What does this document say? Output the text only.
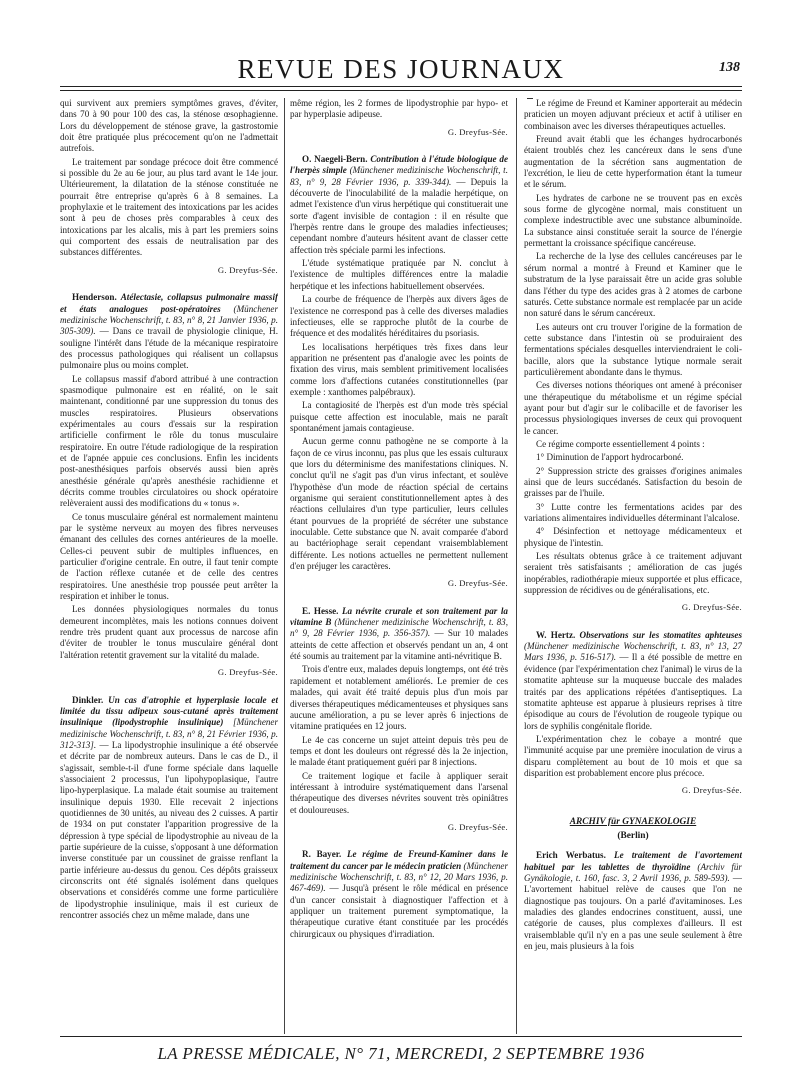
REVUE DES JOURNAUX	138

qui survivent aux premiers symptômes graves, d'éviter, dans 70 à 90 pour 100 des cas, la sténose œsophagienne. Lors du développement de sténose grave, la gastrostomie doit être pratiquée plus précocement qu'on ne l'admettait autrefois.

Le traitement par sondage précoce doit être commencé si possible du 2e au 6e jour, au plus tard avant le 14e jour. Ultérieurement, la dilatation de la sténose constituée ne pourrait être entreprise qu'après 6 à 8 semaines. La prophylaxie et le traitement des intoxications par les acides sont à peu de choses près comparables à ceux des intoxications par les alcalis, mis à part les premiers soins qui comportent des essais de neutralisation par des substances différentes.

G. Dreyfus-Sée.

Henderson. Atélectasie, collapsus pulmonaire massif et états analogues post-opératoires (Münchener medizinische Wochenschrift, t. 83, n° 8, 21 Janvier 1936, p. 305-309). — Dans ce travail de physiologie clinique, H. souligne l'intérêt dans l'étude de la mécanique respiratoire des processus pathologiques qui réalisent un collapsus pulmonaire plus ou moins complet.

Le collapsus massif d'abord attribué à une contraction spasmodique pulmonaire est en réalité, on le sait maintenant, conditionné par une suppression du tonus des muscles respiratoires. Plusieurs observations expérimentales au cours d'essais sur la respiration artificielle confirment le rôle du tonus musculaire respiratoire. En outre l'étude radiologique de la respiration et de l'apnée appuie ces conclusions. Enfin les incidents post-anesthésiques parfois observés aussi bien après anesthésie générale qu'après anesthésie rachidienne et décrits comme troubles circulatoires ou shock opératoire relèveraient aussi des modifications du « tonus ».

Ce tonus musculaire général est normalement maintenu par le système nerveux au moyen des fibres nerveuses émanant des cellules des cornes antérieures de la moelle. Celles-ci peuvent subir de multiples influences, en particulier d'origine centrale. En outre, il faut tenir compte de l'action réflexe cutanée et de celle des centres respiratoires. Une anesthésie trop poussée peut arrêter la respiration et inhiber le tonus.

Les données physiologiques normales du tonus demeurent incomplètes, mais les notions connues doivent rendre très prudent quant aux processus de narcose afin d'éviter de troubler le tonus musculaire général dont l'altération retentit gravement sur la vitalité du malade.

G. Dreyfus-Sée.

Dinkler. Un cas d'atrophie et hyperplasie locale et limitée du tissu adipeux sous-cutané après traitement insulinique (lipodystrophie insulinique) [Münchener medizinische Wochenschrift, t. 83, n° 8, 21 Février 1936, p. 312-313]. — La lipodystrophie insulinique a été observée et décrite par de nombreux auteurs. Dans le cas de D., il s'agissait, semble-t-il d'une forme spéciale dans laquelle s'associaient 2 processus, l'un lipohypoplasique, l'autre lipo-hyperplasique. La malade était soumise au traitement insulinique depuis 1930. Elle recevait 2 injections quotidiennes de 30 unités, au niveau des 2 cuisses. A partir de 1934 on put constater l'apparition progressive de la dépression à type spécial de lipodystrophie au niveau de la partie supérieure de la cuisse, s'opposant à une déformation inverse constituée par un coussinet de graisse renflant la partie inférieure au-dessus du genou. Ces dépôts graisseux circonscrits ont été signalés isolément dans quelques observations et considérés comme une forme particulière de lipodystrophie insulinique, mais il est curieux de rencontrer associés chez un même malade, dans une

même région, les 2 formes de lipodystrophie par hypo- et par hyperplasie adipeuse.

G. Dreyfus-Sée.

O. Naegeli-Bern. Contribution à l'étude biologique de l'herpès simple (Münchener medizinische Wochenschrift, t. 83, n° 9, 28 Février 1936, p. 339-344). — Depuis la découverte de l'inoculabilité de la maladie herpétique, on admet l'existence d'un virus herpétique qui constituerait une sorte d'agent invisible de contagion : il en résulte que l'herpès rentre dans le groupe des maladies infectieuses; cependant nombre d'auteurs hésitent avant de classer cette affection très spéciale parmi les infections.

L'étude systématique pratiquée par N. conclut à l'existence de multiples différences entre la maladie herpétique et les infections habituellement observées.

La courbe de fréquence de l'herpès aux divers âges de l'existence ne correspond pas à celle des diverses maladies infectieuses, elle se rapproche plutôt de la courbe de fréquence et des modalités héréditaires du psoriasis.

Les localisations herpétiques très fixes dans leur apparition ne présentent pas d'analogie avec les points de fixation des virus, mais semblent primitivement localisées comme lors d'affections cutanées constitutionnelles (par exemple : xanthomes palpébraux).

La contagiosité de l'herpès est d'un mode très spécial puisque cette affection est inoculable, mais ne paraît spontanément jamais contagieuse.

Aucun germe connu pathogène ne se comporte à la façon de ce virus inconnu, pas plus que les essais culturaux que lors du déterminisme des manifestations cliniques. N. conclut qu'il ne s'agit pas d'un virus infectant, et soulève l'hypothèse d'un mode de réaction spécial de certains organisme qui seraient constitutionnellement aptes à des réactions cellulaires d'un type particulier, leurs cellules étant pourvues de la propriété de sécréter une substance inoculable. Cette substance que N. avait comparée d'abord au bactériophage serait cependant vraisemblablement différente. Les notions actuelles ne permettent nullement d'en préjuger les caractères.

G. Dreyfus-Sée.

E. Hesse. La névrite crurale et son traitement par la vitamine B (Münchener medizinische Wochenschrift, t. 83, n° 9, 28 Février 1936, p. 356-357). — Sur 10 malades atteints de cette affection et observés pendant un an, 4 ont été soumis au traitement par la vitamine anti-névritique B.

Trois d'entre eux, malades depuis longtemps, ont été très rapidement et notablement améliorés. Le premier de ces malades, qui avait été traité depuis plus d'un mois par diverses thérapeutiques médicamenteuses et physiques sans aucune amélioration, a pu se lever après 6 injections de vitamine pratiquées en 12 jours.

Le 4e cas concerne un sujet atteint depuis très peu de temps et dont les douleurs ont régressé dès la 2e injection, le malade étant pratiquement guéri par 8 injections.

Ce traitement logique et facile à appliquer serait intéressant à introduire systématiquement dans l'arsenal thérapeutique des diverses névrites souvent très opiniâtres et douloureuses.

G. Dreyfus-Sée.

R. Bayer. Le régime de Freund-Kaminer dans le traitement du cancer par le médecin praticien (Münchener medizinische Wochenschrift, t. 83, n° 12, 20 Mars 1936, p. 467-469). — Jusqu'à présent le rôle médical en présence d'un cancer consistait à diagnostiquer l'affection et à appliquer un traitement purement symptomatique, la thérapeutique curative étant constituée par les procédés chirurgicaux ou physiques d'irradiation.

Le régime de Freund et Kaminer apporterait au médecin praticien un moyen adjuvant précieux et actif à utiliser en combinaison avec les diverses thérapeutiques actuelles.

Freund avait établi que les échanges hydrocarbonés étaient troublés chez les cancéreux dans le sens d'une augmentation de la sécrétion sans augmentation de l'excrétion, le lieu de cette hyperformation étant la tumeur et le sérum.

Les hydrates de carbone ne se trouvent pas en excès sous forme de glycogène normal, mais constituent un complexe indestructible avec une substance albuminoïde. La substance ainsi constituée serait la source de l'énergie permettant la croissance spécifique cancéreuse.

La recherche de la lyse des cellules cancéreuses par le sérum normal a montré à Freund et Kaminer que le substratum de la lyse paraissait être un acide gras soluble dans l'éther du type des acides gras à 2 atomes de carbone saturés. Cette substance normale est remplacée par un acide non saturé dans le sérum cancéreux.

Les auteurs ont cru trouver l'origine de la formation de cette substance dans l'intestin où se produiraient des fermentations spéciales desquelles interviendraient le coli-bacille, alors que la substance lytique normale serait particulièrement abondante dans le thymus.

Ces diverses notions théoriques ont amené à préconiser une thérapeutique du métabolisme et un régime spécial ayant pour but d'agir sur le colibacille et de favoriser les processus physiologiques inverses de ceux qui provoquent le cancer.

Ce régime comporte essentiellement 4 points :

1° Diminution de l'apport hydrocarboné.

2° Suppression stricte des graisses d'origines animales ainsi que de leurs succédanés. Satisfaction du besoin de graisses par de l'huile.

3° Lutte contre les fermentations acides par des variations alimentaires individuelles déterminant l'alcalose.

4° Désinfection et nettoyage médicamenteux et physique de l'intestin.

Les résultats obtenus grâce à ce traitement adjuvant seraient très satisfaisants ; amélioration de cas jugés inopérables, radiothérapie mieux supportée et plus efficace, suppression de récidives ou de généralisations, etc.

G. Dreyfus-Sée.

W. Hertz. Observations sur les stomatites aphteuses (Münchener medizinische Wochenschrift, t. 83, n° 13, 27 Mars 1936, p. 516-517). — Il a été possible de mettre en évidence (par l'expérimentation chez l'animal) le virus de la stomatite aphteuse sur la muqueuse buccale des malades traités par des applications répétées d'antiseptiques. La stomatite aphteuse est apparue à plusieurs reprises à titre épisodique au cours de l'évolution de rougeole typique ou lors de syphilis congénitale floride.

L'expérimentation chez le cobaye a montré que l'immunité acquise par une première inoculation de virus a disparu complètement au bout de 10 mois et que sa disparition est probablement encore plus précoce.

G. Dreyfus-Sée.
ARCHIV für GYNAEKOLOGIE
(Berlin)

Erich Werbatus. Le traitement de l'avortement habituel par les tablettes de thyroïdine (Archiv für Gynäkologie, t. 160, fasc. 3, 2 Avril 1936, p. 589-593). — L'avortement habituel relève de causes que l'on ne diagnostique pas toujours. On a parlé d'avitaminoses. Les maladies des glandes endocrines constituent, aussi, une catégorie de causes, plus complexes d'ailleurs. Il est vraisemblable qu'il n'y en a pas une seule seulement à être en jeu, mais plusieurs à la fois

LA PRESSE MÉDICALE, N° 71, MERCREDI, 2 SEPTEMBRE 1936
